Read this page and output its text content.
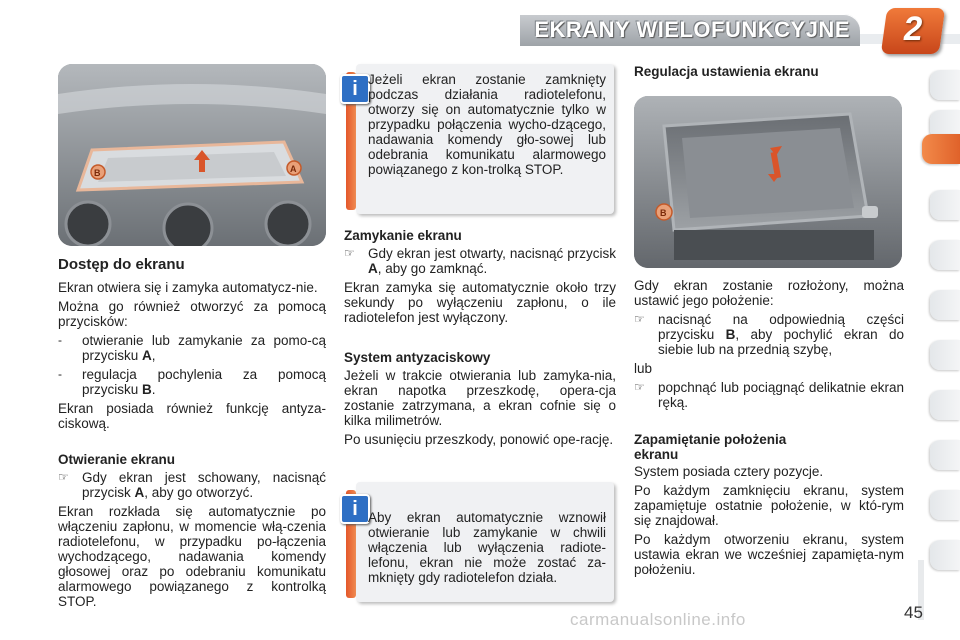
EKRANY WIELOFUNKCYJNE	2
B	A
Dostęp do ekranu

Ekran otwiera się i zamyka automatycz-nie.

Można go również otworzyć za pomocą przycisków:

-	otwieranie lub zamykanie za pomo-cą przycisku A,
-	regulacja pochylenia za pomocą przycisku B.

Ekran posiada również funkcję antyza-ciskową.

Otwieranie ekranu
☞ Gdy ekran jest schowany, nacisnąć przycisk A, aby go otworzyć.

Ekran rozkłada się automatycznie po włączeniu zapłonu, w momencie włą-czenia radiotelefonu, w przypadku po-łączenia wychodzącego, nadawania komendy głosowej oraz po odebraniu komunikatu alarmowego powiązanego z kontrolką STOP.

i Jeżeli ekran zostanie zamknięty podczas działania radiotelefonu, otworzy się on automatycznie tylko w przypadku połączenia wycho-dzącego, nadawania komendy gło-sowej lub odebrania komunikatu alarmowego powiązanego z kon-trolką STOP.

Zamykanie ekranu
☞ Gdy ekran jest otwarty, nacisnąć przycisk A, aby go zamknąć.

Ekran zamyka się automatycznie około trzy sekundy po wyłączeniu zapłonu, o ile radiotelefon jest wyłączony.

System antyzaciskowy

Jeżeli w trakcie otwierania lub zamyka-nia, ekran napotka przeszkodę, opera-cja zostanie zatrzymana, a ekran cofnie się o kilka milimetrów.

Po usunięciu przeszkody, ponowić ope-rację.

i Aby ekran automatycznie wznowił otwieranie lub zamykanie w chwili włączenia lub wyłączenia radiote-lefonu, ekran nie może zostać za-mknięty gdy radiotelefon działa.

Regulacja ustawienia ekranu
B

Gdy ekran zostanie rozłożony, można ustawić jego położenie:

☞ nacisnąć na odpowiednią części przycisku B, aby pochylić ekran do siebie lub na przednią szybę,

lub

☞ popchnąć lub pociągnąć delikatnie ekran ręką.
Zapamiętanie położenia ekranu

System posiada cztery pozycje.

Po każdym zamknięciu ekranu, system zapamiętuje ostatnie położenie, w któ-rym się znajdował.

Po każdym otworzeniu ekranu, system ustawia ekran we wcześniej zapamięta-nym położeniu.

carmanualsonline.info	45
